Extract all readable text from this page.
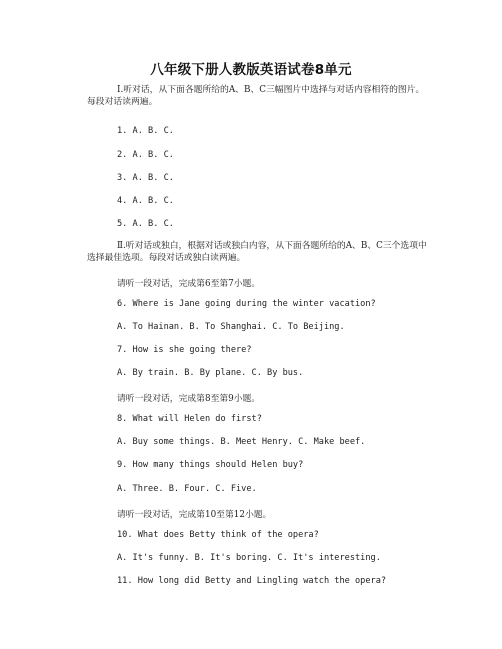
八年级下册人教版英语试卷8单元
Ⅰ.听对话，从下面各题所给的A、B、C三幅图片中选择与对话内容相符的图片。每段对话读两遍。
1. A. B. C.
2. A. B. C.
3. A. B. C.
4. A. B. C.
5. A. B. C.
Ⅱ.听对话或独白，根据对话或独白内容，从下面各题所给的A、B、C三个选项中选择最佳选项。每段对话或独白读两遍。
请听一段对话，完成第6至第7小题。
6. Where is Jane going during the winter vacation?
A. To Hainan. B. To Shanghai. C. To Beijing.
7. How is she going there?
A. By train. B. By plane. C. By bus.
请听一段对话，完成第8至第9小题。
8. What will Helen do first?
A. Buy some things. B. Meet Henry. C. Make beef.
9. How many things should Helen buy?
A. Three. B. Four. C. Five.
请听一段对话，完成第10至第12小题。
10. What does Betty think of the opera?
A. It's funny. B. It's boring. C. It's interesting.
11. How long did Betty and Lingling watch the opera?
